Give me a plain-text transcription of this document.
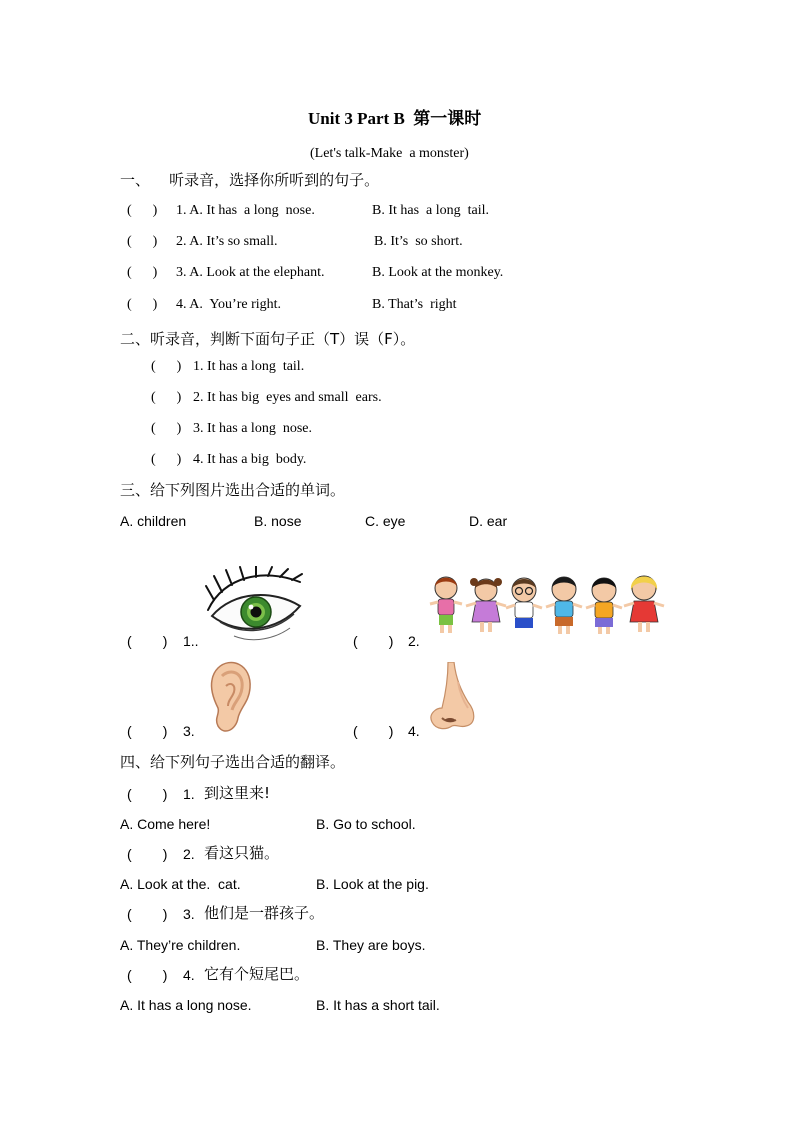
Unit 3 Part B  第一课时
(Let's talk-Make  a monster)
一、    听录音，选择你所听到的句子。
(      ) 1. A. It has  a long  nose.	B. It has  a long  tail.
(      ) 2. A. It’s so small.	B. It’s  so short.
(      ) 3. A. Look at the elephant.	B. Look at the monkey.
(      ) 4. A.  You’re right.	B. That’s  right
二、听录音，判断下面句子正（T）误（F）。
(      ) 1. It has a long  tail.
(      ) 2. It has big  eyes and small  ears.
(      ) 3. It has a long  nose.
(      ) 4. It has a big  body.
三、给下列图片选出合适的单词。
A. children	B. nose	C. eye	D. ear
(        ) 1..	(        ) 2.
(        ) 3.	(        ) 4.
四、给下列句子选出合适的翻译。
(        ) 1. 到这里来!
A. Come here!	B. Go to school.
(        ) 2. 看这只猫。
A. Look at the.  cat.	B. Look at the pig.
(        ) 3. 他们是一群孩子。
A. They’re children.	B. They are boys.
(        ) 4. 它有个短尾巴。
A. It has a long nose.	B. It has a short tail.
